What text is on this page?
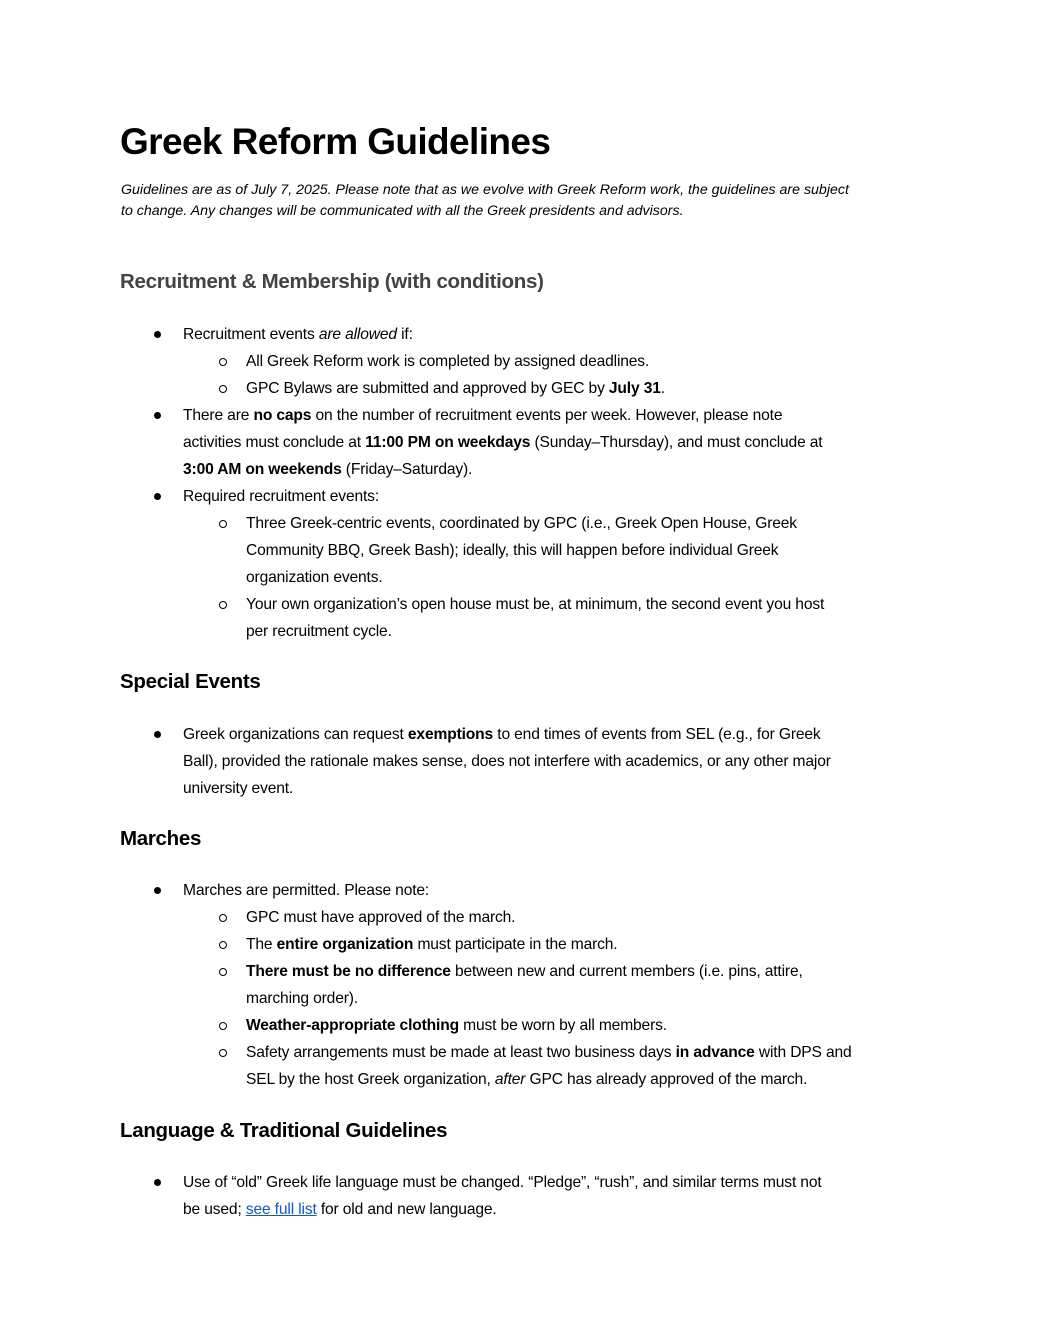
Greek Reform Guidelines
Guidelines are as of July 7, 2025. Please note that as we evolve with Greek Reform work, the guidelines are subject
to change. Any changes will be communicated with all the Greek presidents and advisors.
Recruitment & Membership (with conditions)
Recruitment events are allowed if:
All Greek Reform work is completed by assigned deadlines.
GPC Bylaws are submitted and approved by GEC by July 31.
There are no caps on the number of recruitment events per week. However, please note
activities must conclude at 11:00 PM on weekdays (Sunday–Thursday), and must conclude at
3:00 AM on weekends (Friday–Saturday).
Required recruitment events:
Three Greek-centric events, coordinated by GPC (i.e., Greek Open House, Greek
Community BBQ, Greek Bash); ideally, this will happen before individual Greek
organization events.
Your own organization’s open house must be, at minimum, the second event you host
per recruitment cycle.
Special Events
Greek organizations can request exemptions to end times of events from SEL (e.g., for Greek
Ball), provided the rationale makes sense, does not interfere with academics, or any other major
university event.
Marches
Marches are permitted. Please note:
GPC must have approved of the march.
The entire organization must participate in the march.
There must be no difference between new and current members (i.e. pins, attire,
marching order).
Weather-appropriate clothing must be worn by all members.
Safety arrangements must be made at least two business days in advance with DPS and
SEL by the host Greek organization, after GPC has already approved of the march.
Language & Traditional Guidelines
Use of “old” Greek life language must be changed. “Pledge”, “rush”, and similar terms must not
be used; see full list for old and new language.
